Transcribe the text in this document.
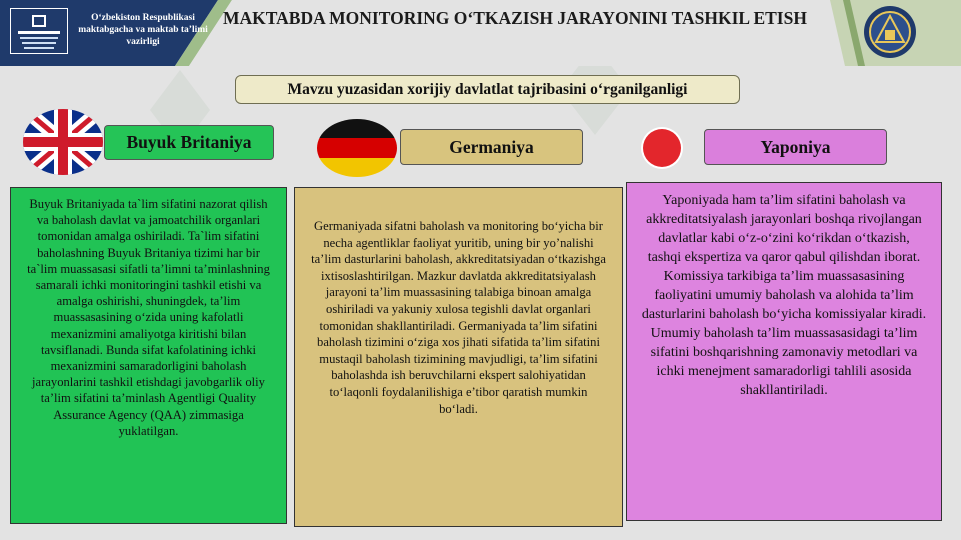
O‘zbekiston Respublikasi maktabgacha va maktab ta’limi vazirligi
MAKTABDA MONITORING O‘TKAZISH JARAYONINI TASHKIL ETISH
Mavzu yuzasidan xorijiy davlatlat tajribasini o‘rganilganligi
Buyuk Britaniya	Germaniya	Yaponiya
Buyuk Britaniyada ta`lim sifatini nazorat qilish va baholash davlat va jamoatchilik organlari tomonidan amalga oshiriladi. Ta`lim sifatini baholashning Buyuk Britaniya tizimi har bir ta`lim muassasasi sifatli ta’limni ta’minlashning samarali ichki monitoringini tashkil etishi va amalga oshirishi, shuningdek, ta’lim muassasasining o‘zida uning kafolatli mexanizmini amaliyotga kiritishi bilan tavsiflanadi. Bunda sifat kafolatining ichki mexanizmini samaradorligini baholash jarayonlarini tashkil etishdagi javobgarlik oliy ta’lim sifatini ta’minlash Agentligi Quality Assurance Agency (QAA) zimmasiga yuklatilgan.
Germaniyada sifatni baholash va monitoring bo‘yicha bir necha agentliklar faoliyat yuritib, uning bir yo’nalishi ta’lim dasturlarini baholash, akkreditatsiyadan o‘tkazishga ixtisoslashtirilgan. Mazkur davlatda akkreditatsiyalash jarayoni ta’lim muassasining talabiga binoan amalga oshiriladi va yakuniy xulosa tegishli davlat organlari tomonidan shakllantiriladi. Germaniyada ta’lim sifatini baholash tizimini o‘ziga xos jihati sifatida ta’lim sifatini mustaqil baholash tizimining mavjudligi, ta’lim sifatini baholashda ish beruvchilarni ekspert salohiyatidan to‘laqonli foydalanilishiga e’tibor qaratish mumkin bo‘ladi.
Yaponiyada ham ta’lim sifatini baholash va akkreditatsiyalash jarayonlari boshqa rivojlangan davlatlar kabi o‘z-o‘zini ko‘rikdan o‘tkazish, tashqi ekspertiza va qaror qabul qilishdan iborat. Komissiya tarkibiga ta’lim muassasasining faoliyatini umumiy baholash va alohida ta’lim dasturlarini baholash bo‘yicha komissiyalar kiradi. Umumiy baholash ta’lim muassasasidagi ta’lim sifatini boshqarishning zamonaviy metodlari va ichki menejment samaradorligi tahlili asosida shakllantiriladi.
